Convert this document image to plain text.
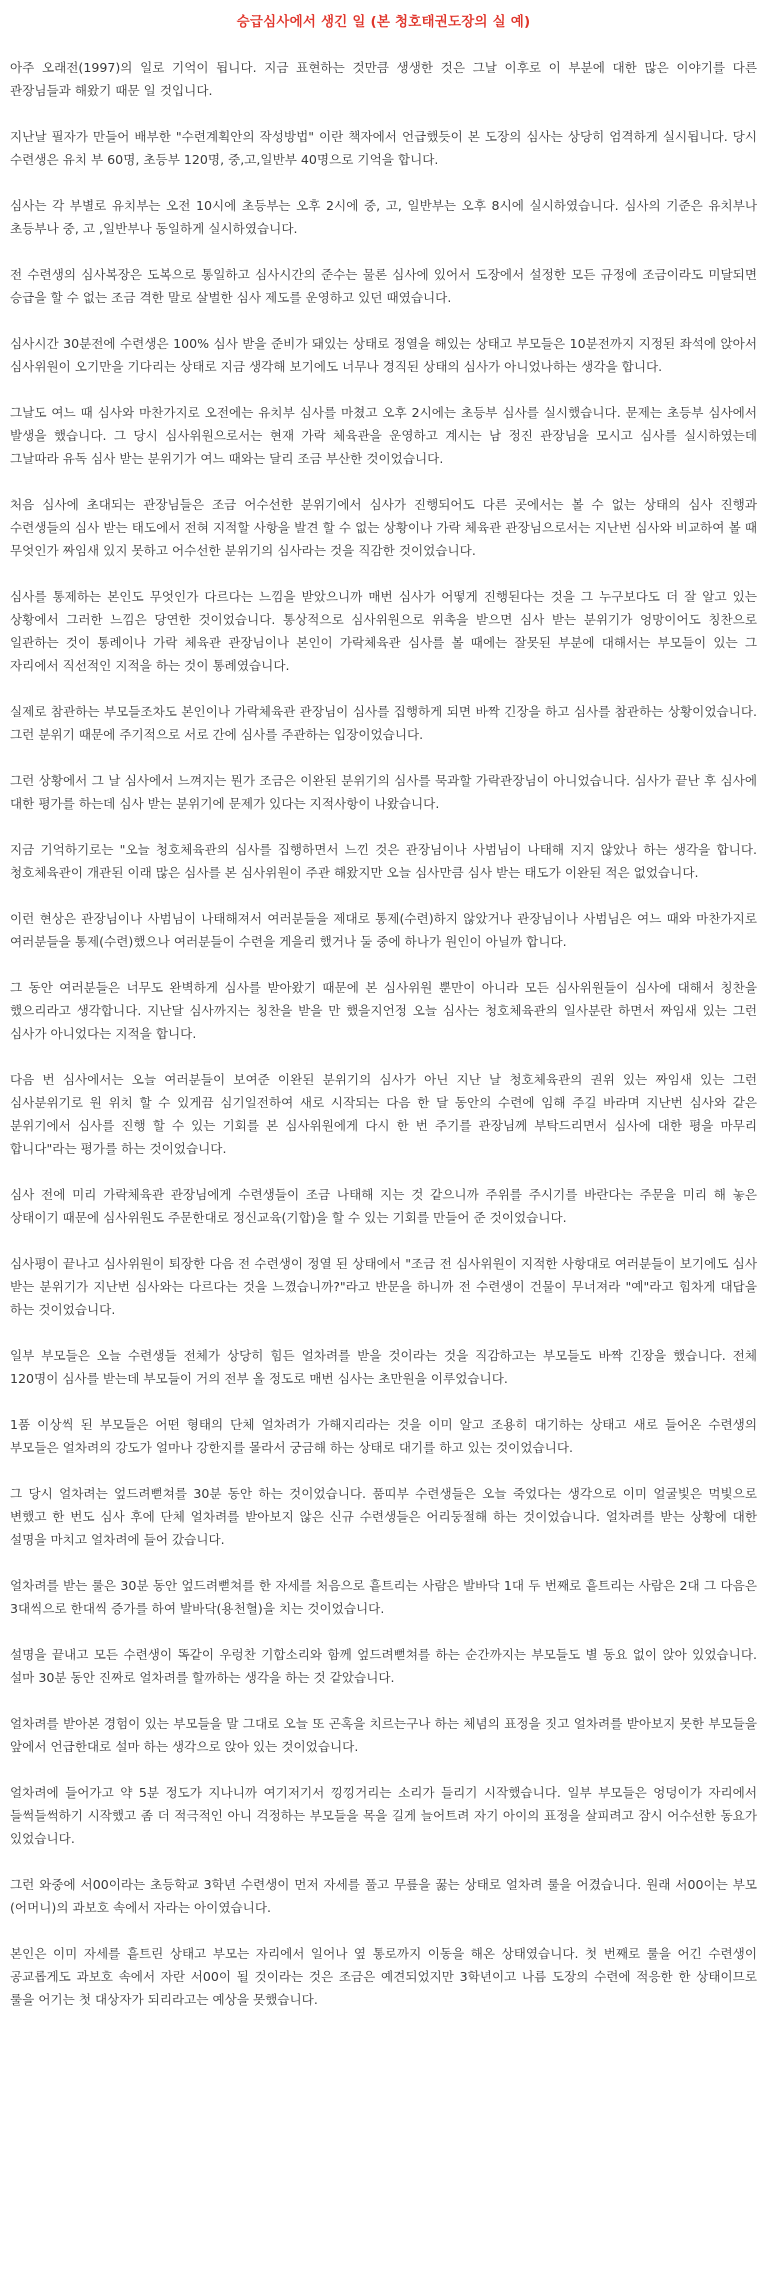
승급심사에서 생긴 일 (본 청호태권도장의 실 예)

아주 오래전(1997)의 일로 기억이 됩니다. 지금 표현하는 것만큼 생생한 것은 그날 이후로 이 부분에 대한 많은 이야기를 다른 관장님들과 해왔기 때문 일 것입니다.

지난날 필자가 만들어 배부한 "수련계획안의 작성방법" 이란 책자에서 언급했듯이 본 도장의 심사는 상당히 엄격하게 실시됩니다. 당시 수련생은 유치 부 60명, 초등부 120명, 중,고,일반부 40명으로 기억을 합니다.

심사는 각 부별로 유치부는 오전 10시에 초등부는 오후 2시에 중, 고, 일반부는 오후 8시에 실시하였습니다. 심사의 기준은 유치부나 초등부나 중, 고 ,일반부나 동일하게 실시하였습니다.

전 수련생의 심사복장은 도복으로 통일하고 심사시간의 준수는 물론 심사에 있어서 도장에서 설정한 모든 규정에 조금이라도 미달되면 승급을 할 수 없는 조금 격한 말로 살벌한 심사 제도를 운영하고 있던 때였습니다.

심사시간 30분전에 수련생은 100% 심사 받을 준비가 돼있는 상태로 정열을 해있는 상태고 부모들은 10분전까지 지정된 좌석에 앉아서 심사위원이 오기만을 기다리는 상태로 지금 생각해 보기에도 너무나 경직된 상태의 심사가 아니었나하는 생각을 합니다.

그날도 여느 때 심사와 마찬가지로 오전에는 유치부 심사를 마쳤고 오후 2시에는 초등부 심사를 실시했습니다. 문제는 초등부 심사에서 발생을 했습니다. 그 당시 심사위원으로서는 현재 가락 체육관을 운영하고 계시는 남 정진 관장님을 모시고 심사를 실시하였는데 그날따라 유독 심사 받는 분위기가 여느 때와는 달리 조금 부산한 것이었습니다.

처음 심사에 초대되는 관장님들은 조금 어수선한 분위기에서 심사가 진행되어도 다른 곳에서는 볼 수 없는 상태의 심사 진행과 수련생들의 심사 받는 태도에서 전혀 지적할 사항을 발견 할 수 없는 상황이나 가락 체육관 관장님으로서는 지난번 심사와 비교하여 볼 때 무엇인가 짜임새 있지 못하고 어수선한 분위기의 심사라는 것을 직감한 것이었습니다.

심사를 통제하는 본인도 무엇인가 다르다는 느낌을 받았으니까 매번 심사가 어떻게 진행된다는 것을 그 누구보다도 더 잘 알고 있는 상황에서 그러한 느낌은 당연한 것이었습니다. 통상적으로 심사위원으로 위촉을 받으면 심사 받는 분위기가 엉망이어도 칭찬으로 일관하는 것이 통례이나 가락 체육관 관장님이나 본인이 가락체육관 심사를 볼 때에는 잘못된 부분에 대해서는 부모들이 있는 그 자리에서 직선적인 지적을 하는 것이 통례였습니다.

실제로 참관하는 부모들조차도 본인이나 가락체육관 관장님이 심사를 집행하게 되면 바짝 긴장을 하고 심사를 참관하는 상황이었습니다. 그런 분위기 때문에 주기적으로 서로 간에 심사를 주관하는 입장이었습니다.

그런 상황에서 그 날 심사에서 느껴지는 뭔가 조금은 이완된 분위기의 심사를 묵과할 가락관장님이 아니었습니다. 심사가 끝난 후 심사에 대한 평가를 하는데 심사 받는 분위기에 문제가 있다는 지적사항이 나왔습니다.

지금 기억하기로는 "오늘 청호체육관의 심사를 집행하면서 느낀 것은 관장님이나 사범님이 나태해 지지 않았나 하는 생각을 합니다. 청호체육관이 개관된 이래 많은 심사를 본 심사위원이 주관 해왔지만 오늘 심사만큼 심사 받는 태도가 이완된 적은 없었습니다.

이런 현상은 관장님이나 사범님이 나태해져서 여러분들을 제대로 통제(수련)하지 않았거나 관장님이나 사범님은 여느 때와 마찬가지로 여러분들을 통제(수련)했으나 여러분들이 수련을 게을리 했거나 둘 중에 하나가 원인이 아닐까 합니다.

그 동안 여러분들은 너무도 완벽하게 심사를 받아왔기 때문에 본 심사위원 뿐만이 아니라 모든 심사위원들이 심사에 대해서 칭찬을 했으리라고 생각합니다. 지난달 심사까지는 칭찬을 받을 만 했을지언정 오늘 심사는 청호체육관의 일사분란 하면서 짜임새 있는 그런 심사가 아니었다는 지적을 합니다.

다음 번 심사에서는 오늘 여러분들이 보여준 이완된 분위기의 심사가 아닌 지난 날 청호체육관의 권위 있는 짜임새 있는 그런 심사분위기로 원 위치 할 수 있게끔 심기일전하여 새로 시작되는 다음 한 달 동안의 수련에 임해 주길 바라며 지난번 심사와 같은 분위기에서 심사를 진행 할 수 있는 기회를 본 심사위원에게 다시 한 번 주기를 관장님께 부탁드리면서 심사에 대한 평을 마무리 합니다"라는 평가를 하는 것이었습니다.

심사 전에 미리 가락체육관 관장님에게 수련생들이 조금 나태해 지는 것 같으니까 주위를 주시기를 바란다는 주문을 미리 해 놓은 상태이기 때문에 심사위원도 주문한대로 정신교육(기합)을 할 수 있는 기회를 만들어 준 것이었습니다.

심사평이 끝나고 심사위원이 퇴장한 다음 전 수련생이 정열 된 상태에서 "조금 전 심사위원이 지적한 사항대로 여러분들이 보기에도 심사 받는 분위기가 지난번 심사와는 다르다는 것을 느꼈습니까?"라고 반문을 하니까 전 수련생이 건물이 무너져라 "예"라고 힘차게 대답을 하는 것이었습니다.

일부 부모들은 오늘 수련생들 전체가 상당히 힘든 얼차려를 받을 것이라는 것을 직감하고는 부모들도 바짝 긴장을 했습니다. 전체 120명이 심사를 받는데 부모들이 거의 전부 올 정도로 매번 심사는 초만원을 이루었습니다.

1품 이상씩 된 부모들은 어떤 형태의 단체 얼차려가 가해지리라는 것을 이미 알고 조용히 대기하는 상태고 새로 들어온 수련생의 부모들은 얼차려의 강도가 얼마나 강한지를 몰라서 궁금해 하는 상태로 대기를 하고 있는 것이었습니다.

그 당시 얼차려는 엎드려뻗쳐를 30분 동안 하는 것이었습니다. 품띠부 수련생들은 오늘 죽었다는 생각으로 이미 얼굴빛은 먹빛으로 변했고 한 번도 심사 후에 단체 얼차려를 받아보지 않은 신규 수련생들은 어리둥절해 하는 것이었습니다. 얼차려를 받는 상황에 대한 설명을 마치고 얼차려에 들어 갔습니다.

얼차려를 받는 룰은 30분 동안 엎드려뻗쳐를 한 자세를 처음으로 흩트리는 사람은 발바닥 1대 두 번째로 흩트리는 사람은 2대 그 다음은 3대씩으로 한대씩 증가를 하여 발바닥(용천혈)을 치는 것이었습니다.

설명을 끝내고 모든 수련생이 똑같이 우렁찬 기합소리와 함께 엎드려뻗쳐를 하는 순간까지는 부모들도 별 동요 없이 앉아 있었습니다. 설마 30분 동안 진짜로 얼차려를 할까하는 생각을 하는 것 같았습니다.

얼차려를 받아본 경험이 있는 부모들을 말 그대로 오늘 또 곤혹을 치르는구나 하는 체념의 표정을 짓고 얼차려를 받아보지 못한 부모들을 앞에서 언급한대로 설마 하는 생각으로 앉아 있는 것이었습니다.

얼차려에 들어가고 약 5분 정도가 지나니까 여기저기서 낑낑거리는 소리가 들리기 시작했습니다. 일부 부모들은 엉덩이가 자리에서 들썩들썩하기 시작했고 좀 더 적극적인 아니 걱정하는 부모들을 목을 길게 늘어트려 자기 아이의 표정을 살피려고 잠시 어수선한 동요가 있었습니다.

그런 와중에 서00이라는 초등학교 3학년 수련생이 먼저 자세를 풀고 무릎을 꿇는 상태로 얼차려 룰을 어겼습니다. 원래 서00이는 부모(어머니)의 과보호 속에서 자라는 아이였습니다.

본인은 이미 자세를 흩트린 상태고 부모는 자리에서 일어나 옆 통로까지 이동을 해온 상태였습니다. 첫 번째로 룰을 어긴 수련생이 공교롭게도 과보호 속에서 자란 서00이 될 것이라는 것은 조금은 예견되었지만 3학년이고 나름 도장의 수련에 적응한 한 상태이므로 룰을 어기는 첫 대상자가 되리라고는 예상을 못했습니다.
